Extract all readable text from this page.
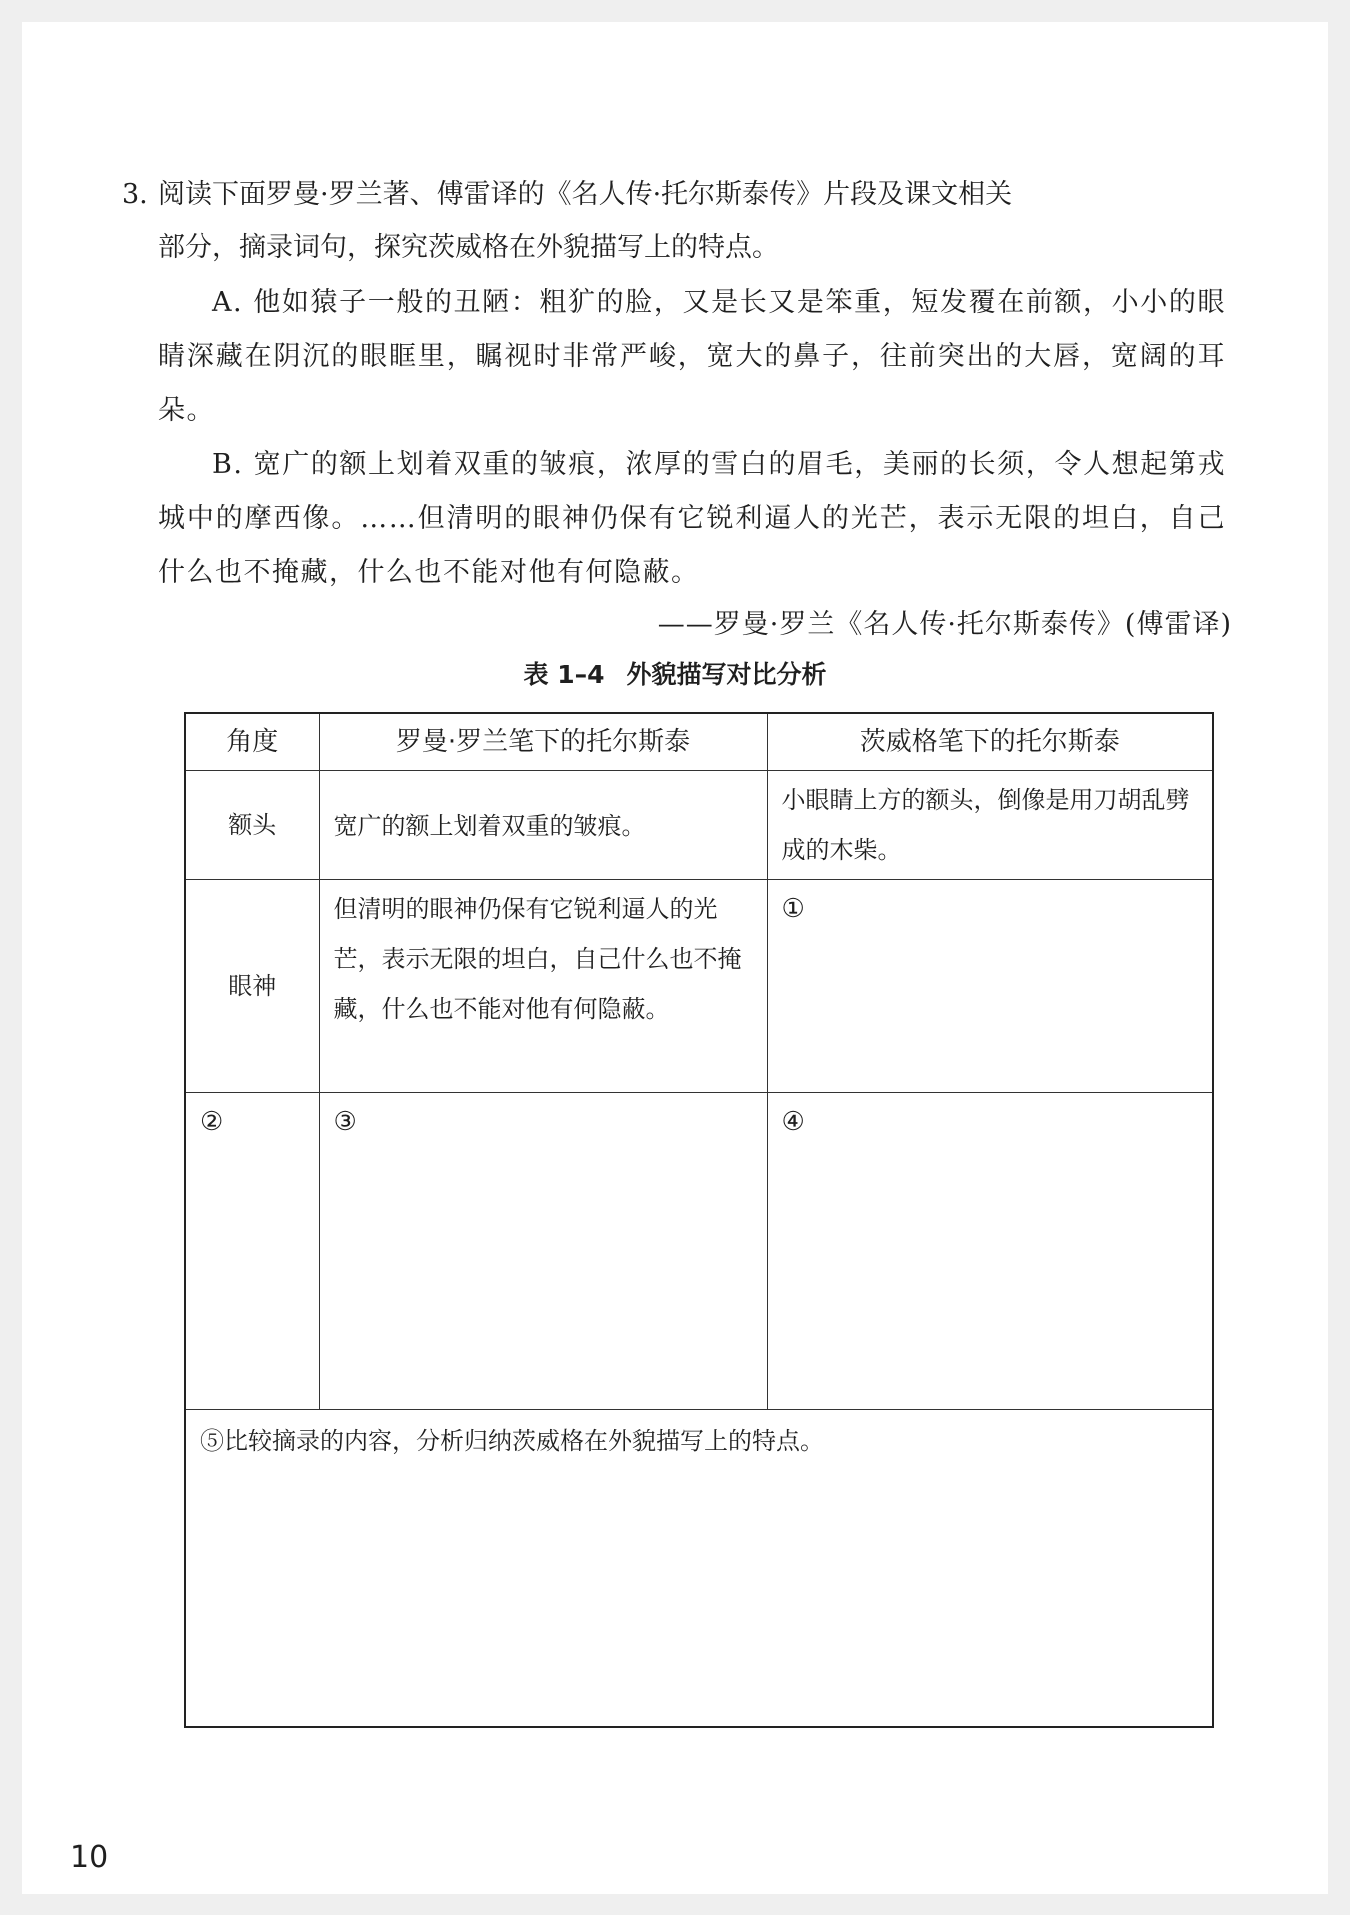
3. 阅读下面罗曼·罗兰著、傅雷译的《名人传·托尔斯泰传》片段及课文相关
部分，摘录词句，探究茨威格在外貌描写上的特点。
A. 他如猿子一般的丑陋：粗犷的脸，又是长又是笨重，短发覆在前额，小小的眼睛深藏在阴沉的眼眶里，瞩视时非常严峻，宽大的鼻子，往前突出的大唇，宽阔的耳朵。
B. 宽广的额上划着双重的皱痕，浓厚的雪白的眉毛，美丽的长须，令人想起第戎城中的摩西像。……但清明的眼神仍保有它锐利逼人的光芒，表示无限的坦白，自己什么也不掩藏，什么也不能对他有何隐蔽。
——罗曼·罗兰《名人传·托尔斯泰传》(傅雷译)
表 1–4 外貌描写对比分析
角度	罗曼·罗兰笔下的托尔斯泰	茨威格笔下的托尔斯泰
额头	宽广的额上划着双重的皱痕。	小眼睛上方的额头，倒像是用刀胡乱劈成的木柴。

眼神	但清明的眼神仍保有它锐利逼人的光芒，表示无限的坦白，自己什么也不掩藏，什么也不能对他有何隐蔽。	①

②	③	④

⑤比较摘录的内容，分析归纳茨威格在外貌描写上的特点。		
10
